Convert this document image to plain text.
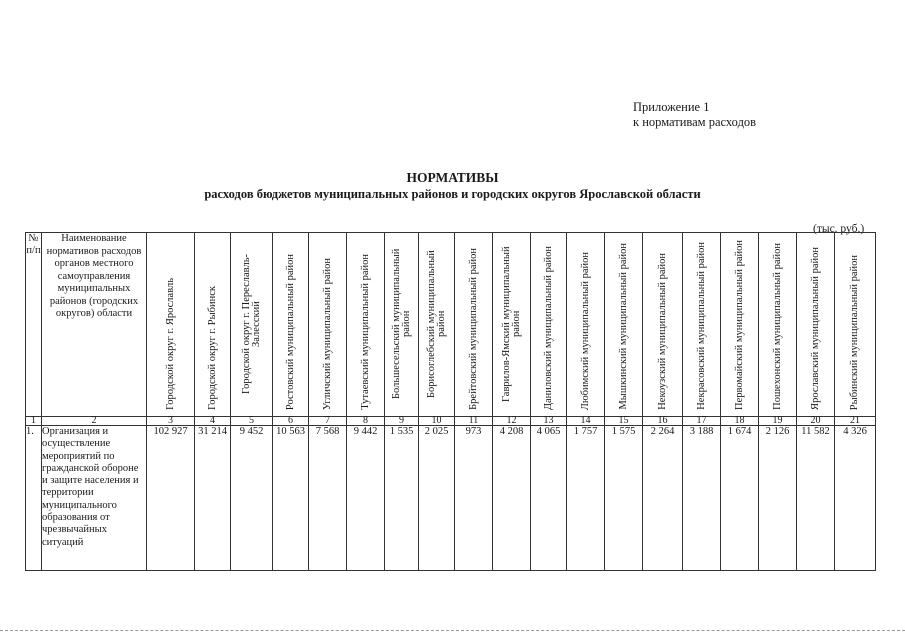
Приложение 1
к нормативам расходов
НОРМАТИВЫ
расходов бюджетов муниципальных районов и городских округов Ярославской области
(тыс. руб.)
№ п/п	Наименование нормативов расходов органов местного самоуправления муниципальных районов (городских округов) области	Городской округ г. Ярославль	Городской округ г. Рыбинск	Городской округ г. Переславль-Залесский	Ростовский муниципальный район	Угличский муниципальный район	Тутаевский муниципальный район	Большесельский муниципальный район	Борисоглебский муниципальный район	Брейтовский муниципальный район	Гаврилов-Ямский муниципальный район	Даниловский муниципальный район	Любимский муниципальный район	Мышкинский муниципальный район	Некоузский муниципальный район	Некрасовский муниципальный район	Первомайский муниципальный район	Пошехонский муниципальный район	Ярославский муниципальный район	Рыбинский муниципальный район

1	2	3	4	5	6	7	8	9	10	11	12	13	14	15	16	17	18	19	20	21
1.	Организация и осуществление мероприятий по гражданской обороне и защите населения и территории муниципального образования от чрезвычайных ситуаций	102 927	31 214	9 452	10 563	7 568	9 442	1 535	2 025	973	4 208	4 065	1 757	1 575	2 264	3 188	1 674	2 126	11 582	4 326
